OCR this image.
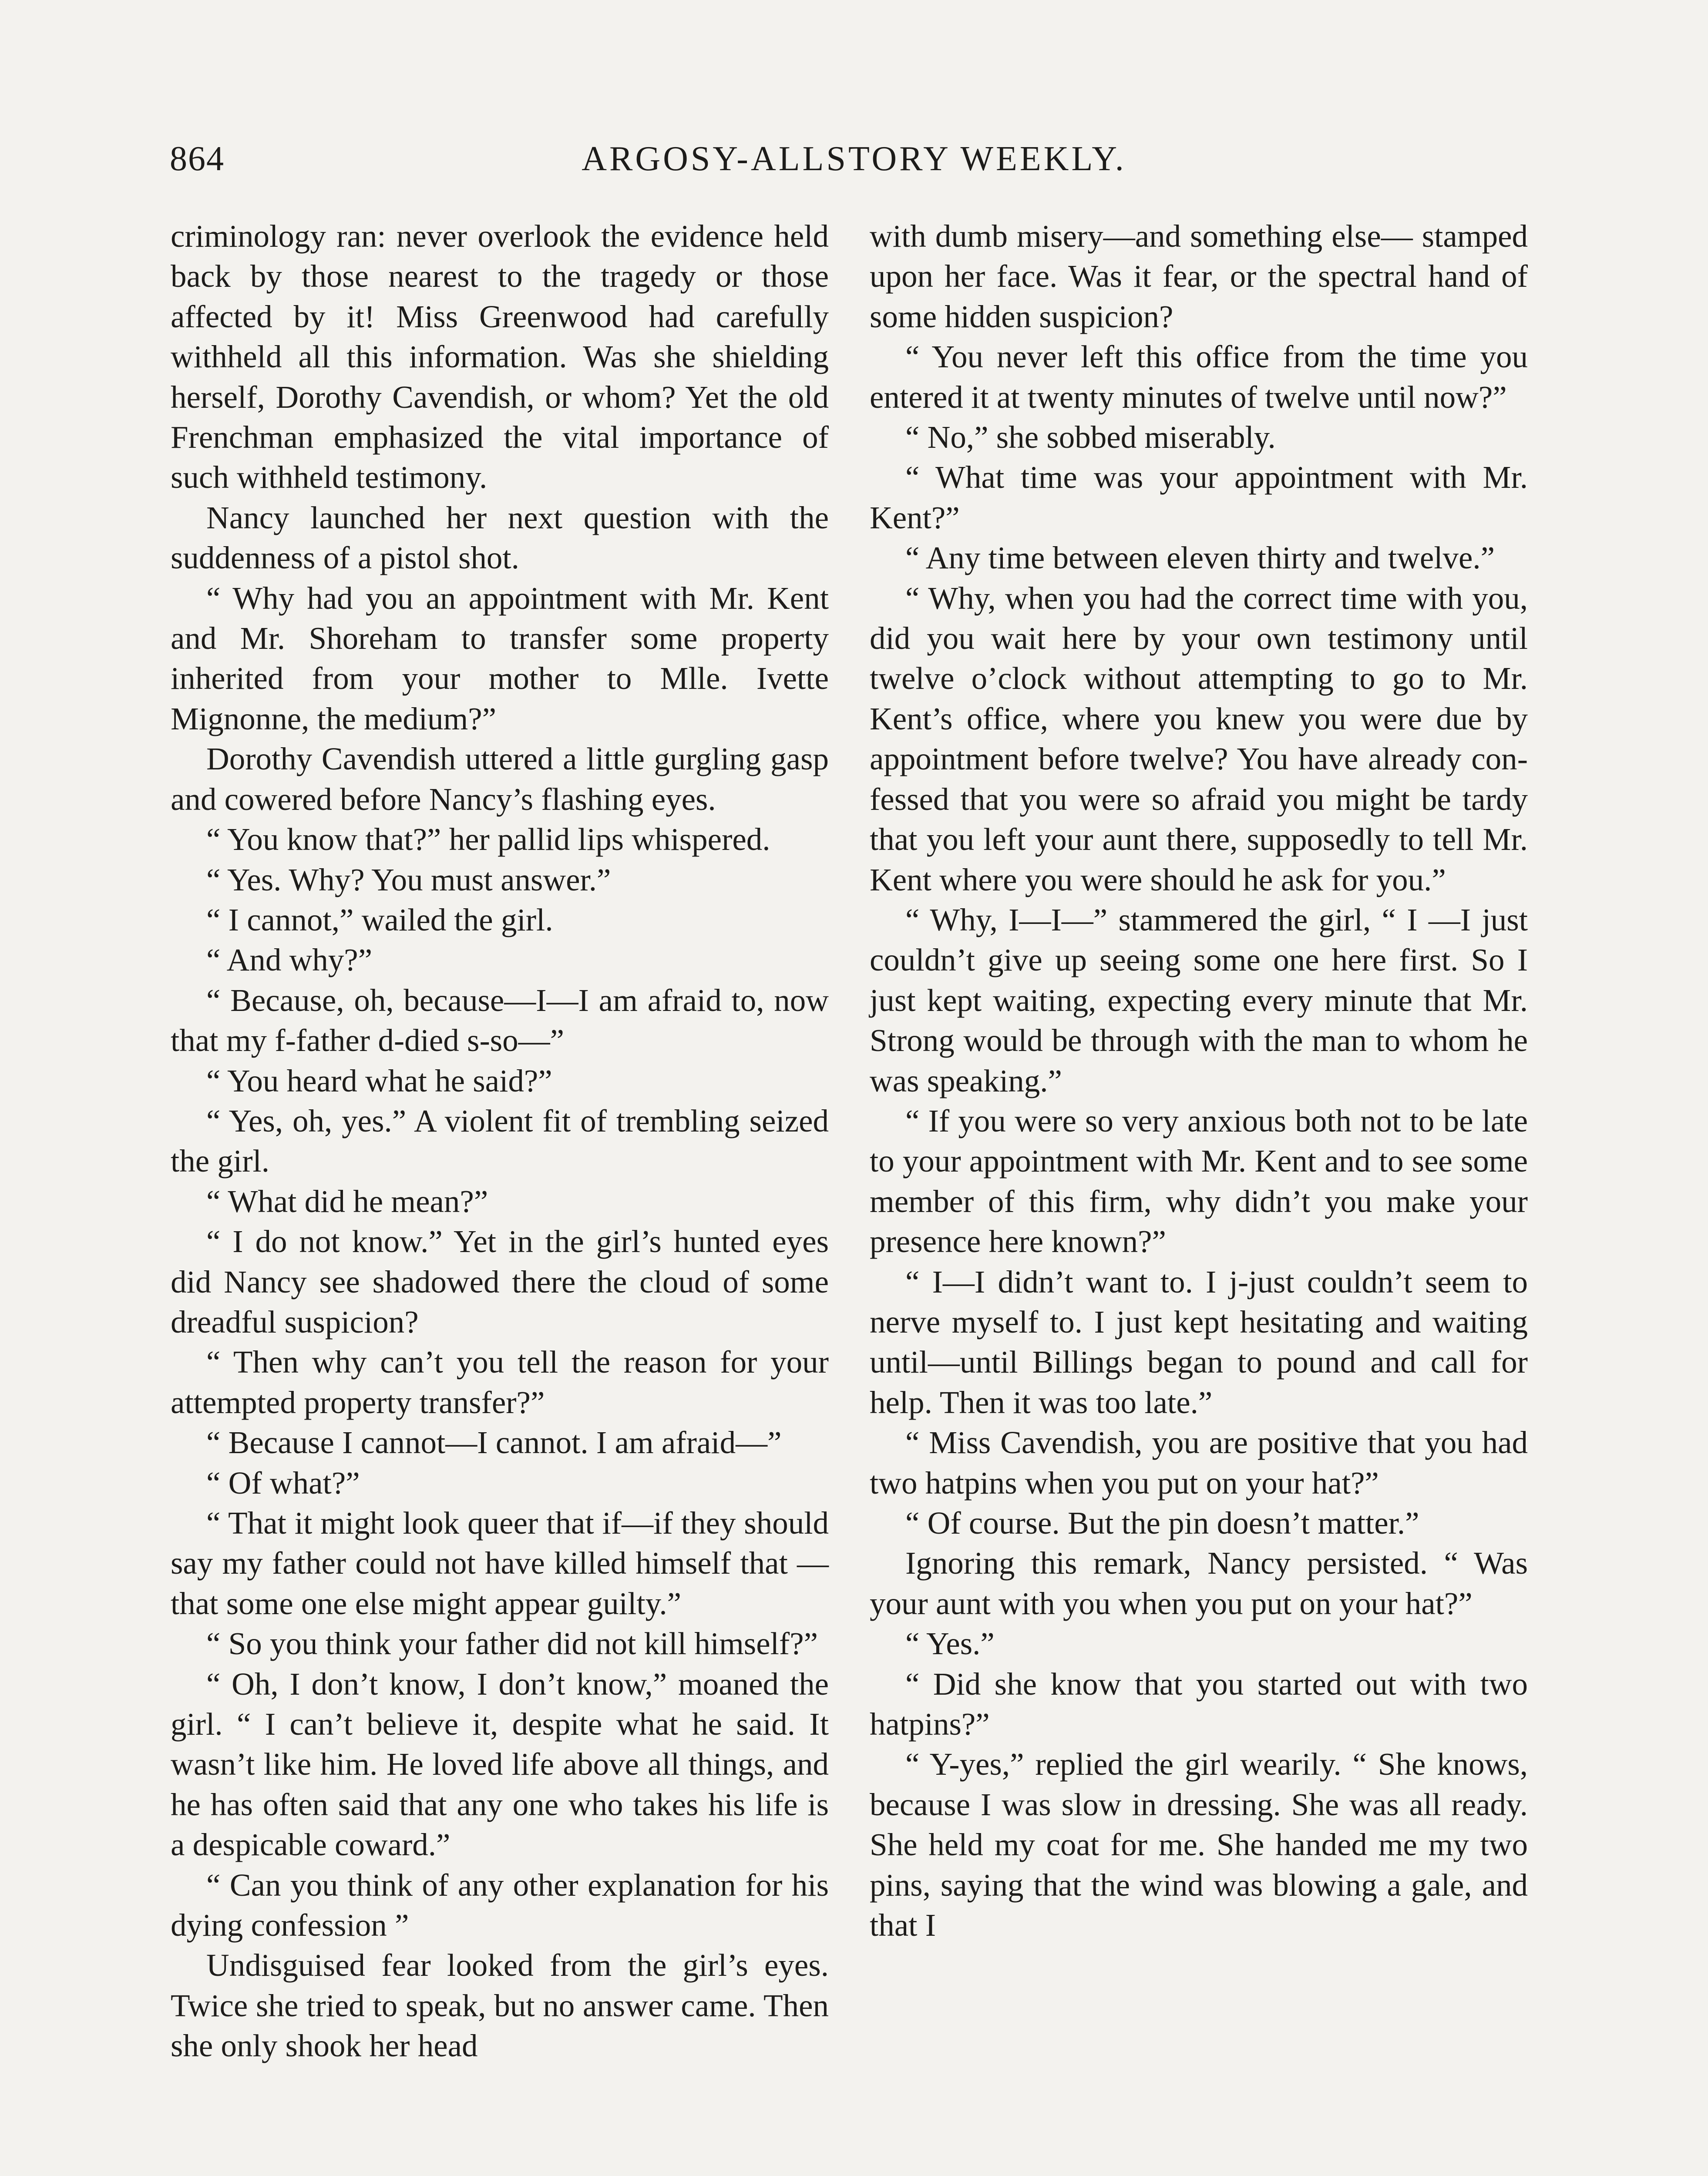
864	ARGOSY-ALLSTORY WEEKLY.

criminology ran: never overlook the evidence held back by those nearest to the tragedy or those affected by it! Miss Greenwood had carefully withheld all this information. Was she shielding herself, Dorothy Cavendish, or whom? Yet the old Frenchman emphasized the vital importance of such withheld testimony.

Nancy launched her next question with the suddenness of a pistol shot.

“ Why had you an appointment with Mr. Kent and Mr. Shoreham to transfer some property inherited from your mother to Mlle. Ivette Mignonne, the medium?”

Dorothy Cavendish uttered a little gurgling gasp and cowered before Nancy’s flashing eyes.

“ You know that?” her pallid lips whispered.

“ Yes. Why? You must answer.”

“ I cannot,” wailed the girl.

“ And why?”

“ Because, oh, because—I—I am afraid to, now that my f-father d-died s-so—”

“ You heard what he said?”

“ Yes, oh, yes.” A violent fit of trembling seized the girl.

“ What did he mean?”

“ I do not know.” Yet in the girl’s hunted eyes did Nancy see shadowed there the cloud of some dreadful suspicion?

“ Then why can’t you tell the reason for your attempted property transfer?”

“ Because I cannot—I cannot. I am afraid—”

“ Of what?”

“ That it might look queer that if—if they should say my father could not have killed himself that — that some one else might appear guilty.”

“ So you think your father did not kill himself?”

“ Oh, I don’t know, I don’t know,” moaned the girl. “ I can’t believe it, despite what he said. It wasn’t like him. He loved life above all things, and he has often said that any one who takes his life is a despicable coward.”

“ Can you think of any other explanation for his dying confession ”

Undisguised fear looked from the girl’s eyes. Twice she tried to speak, but no answer came. Then she only shook her head

with dumb misery—and something else— stamped upon her face. Was it fear, or the spectral hand of some hidden suspicion?

“ You never left this office from the time you entered it at twenty minutes of twelve until now?”

“ No,” she sobbed miserably.

“ What time was your appointment with Mr. Kent?”

“ Any time between eleven thirty and twelve.”

“ Why, when you had the correct time with you, did you wait here by your own testimony until twelve o’clock without attempting to go to Mr. Kent’s office, where you knew you were due by appointment before twelve? You have already confessed that you were so afraid you might be tardy that you left your aunt there, supposedly to tell Mr. Kent where you were should he ask for you.”

“ Why, I—I—” stammered the girl, “ I —I just couldn’t give up seeing some one here first. So I just kept waiting, expecting every minute that Mr. Strong would be through with the man to whom he was speaking.”

“ If you were so very anxious both not to be late to your appointment with Mr. Kent and to see some member of this firm, why didn’t you make your presence here known?”

“ I—I didn’t want to. I j-just couldn’t seem to nerve myself to. I just kept hesitating and waiting until—until Billings began to pound and call for help. Then it was too late.”

“ Miss Cavendish, you are positive that you had two hatpins when you put on your hat?”

“ Of course. But the pin doesn’t matter.”

Ignoring this remark, Nancy persisted. “ Was your aunt with you when you put on your hat?”

“ Yes.”

“ Did she know that you started out with two hatpins?”

“ Y-yes,” replied the girl wearily. “ She knows, because I was slow in dressing. She was all ready. She held my coat for me. She handed me my two pins, saying that the wind was blowing a gale, and that I
